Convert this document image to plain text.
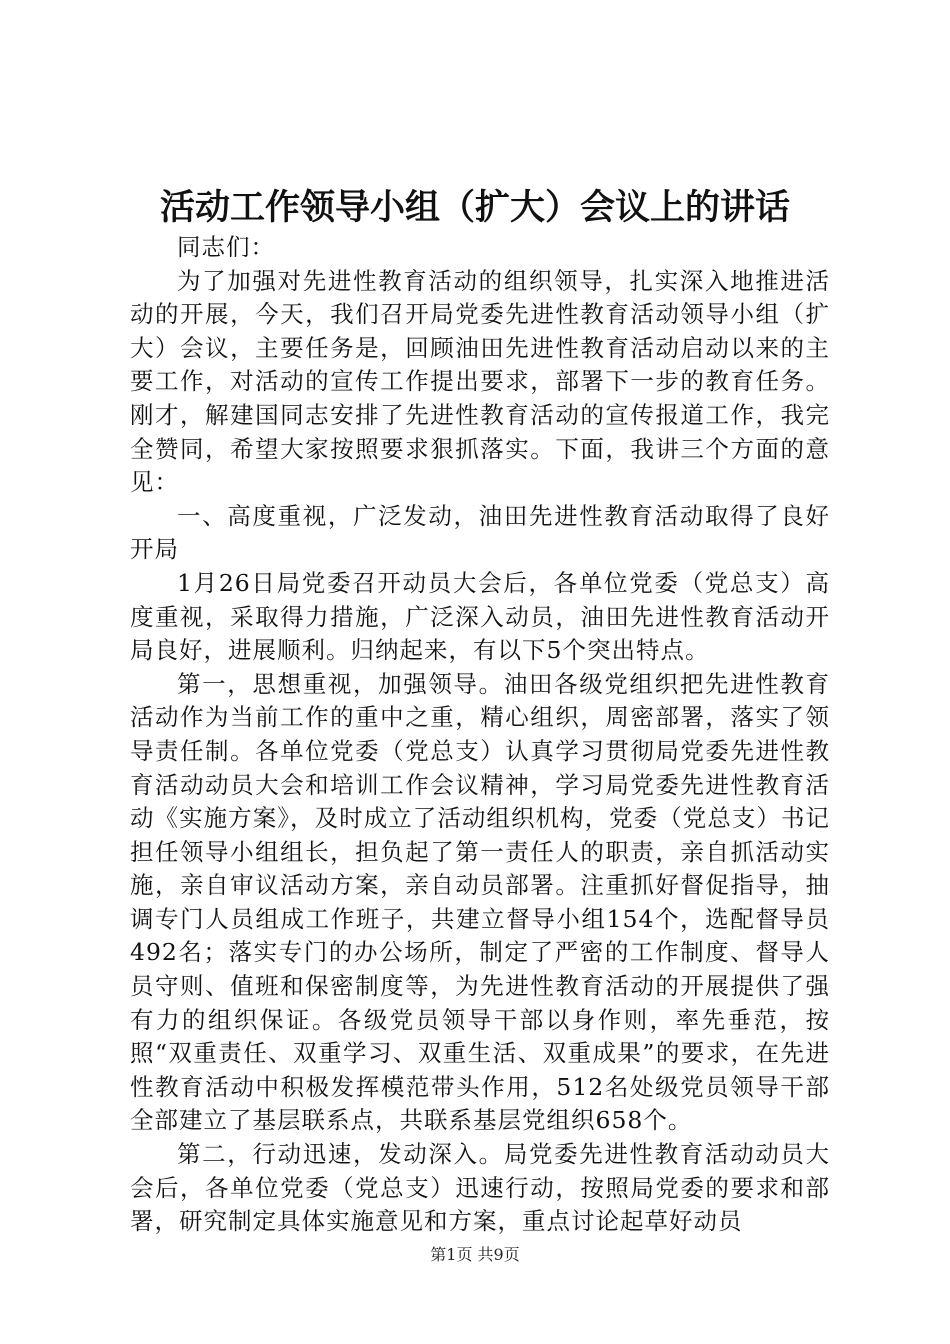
活动工作领导小组（扩大）会议上的讲话

同志们：

为了加强对先进性教育活动的组织领导，扎实深入地推进活动的开展，今天，我们召开局党委先进性教育活动领导小组（扩大）会议，主要任务是，回顾油田先进性教育活动启动以来的主要工作，对活动的宣传工作提出要求，部署下一步的教育任务。刚才，解建国同志安排了先进性教育活动的宣传报道工作，我完全赞同，希望大家按照要求狠抓落实。下面，我讲三个方面的意见：

一、高度重视，广泛发动，油田先进性教育活动取得了良好开局

1月26日局党委召开动员大会后，各单位党委（党总支）高度重视，采取得力措施，广泛深入动员，油田先进性教育活动开局良好，进展顺利。归纳起来，有以下5个突出特点。

第一，思想重视，加强领导。油田各级党组织把先进性教育活动作为当前工作的重中之重，精心组织，周密部署，落实了领导责任制。各单位党委（党总支）认真学习贯彻局党委先进性教育活动动员大会和培训工作会议精神，学习局党委先进性教育活动《实施方案》，及时成立了活动组织机构，党委（党总支）书记担任领导小组组长，担负起了第一责任人的职责，亲自抓活动实施，亲自审议活动方案，亲自动员部署。注重抓好督促指导，抽调专门人员组成工作班子，共建立督导小组154个，选配督导员492名；落实专门的办公场所，制定了严密的工作制度、督导人员守则、值班和保密制度等，为先进性教育活动的开展提供了强有力的组织保证。各级党员领导干部以身作则，率先垂范，按照“双重责任、双重学习、双重生活、双重成果”的要求，在先进性教育活动中积极发挥模范带头作用，512名处级党员领导干部全部建立了基层联系点，共联系基层党组织658个。

第二，行动迅速，发动深入。局党委先进性教育活动动员大会后，各单位党委（党总支）迅速行动，按照局党委的要求和部署，研究制定具体实施意见和方案，重点讨论起草好动员

第1页 共9页
